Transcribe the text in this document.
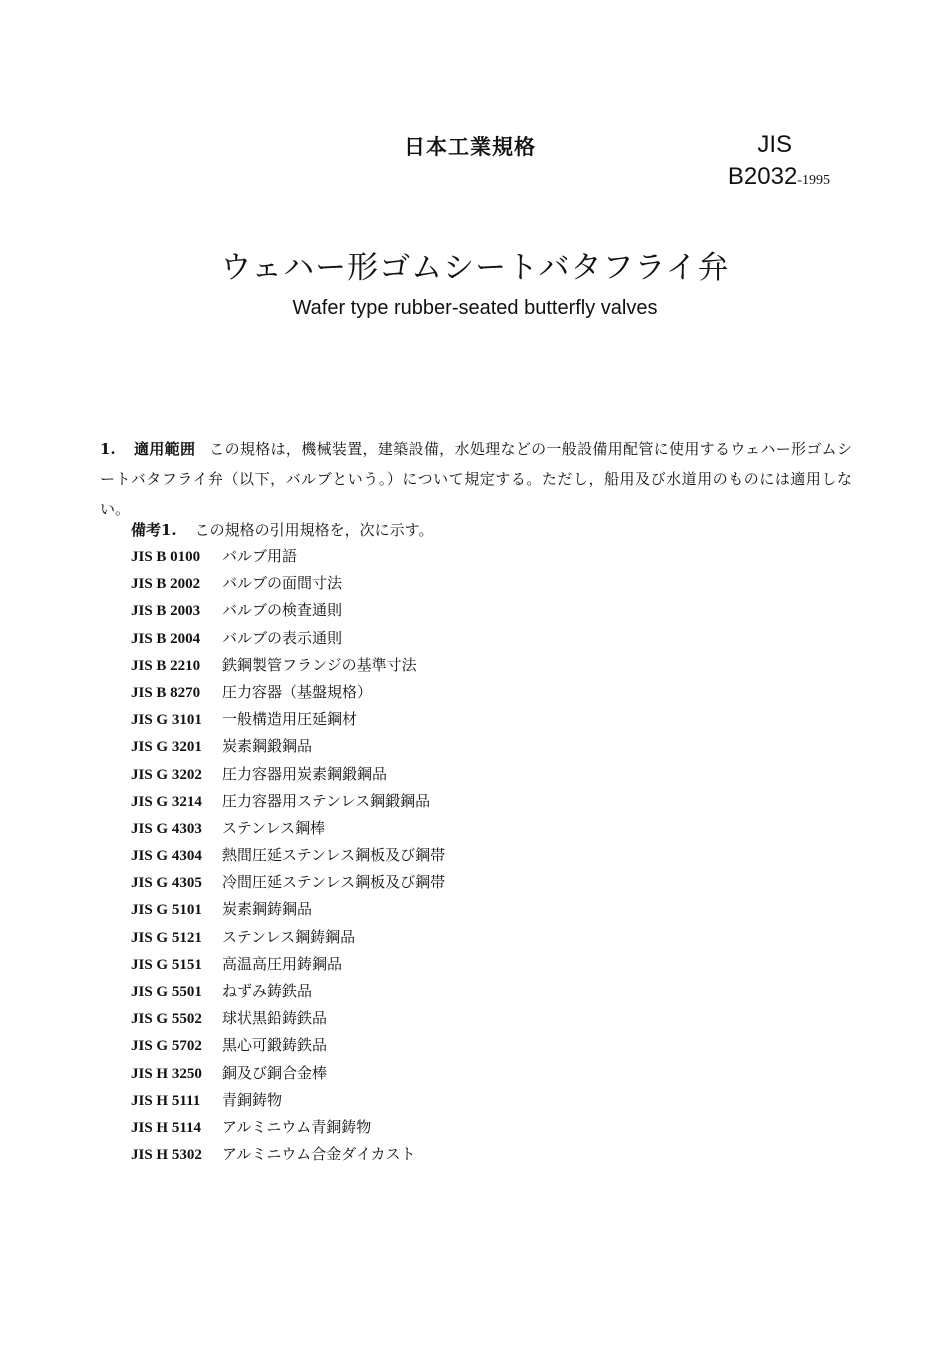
日本工業規格	JIS
B2032-1995
ウェハー形ゴムシートバタフライ弁
Wafer type rubber-seated butterfly valves
1. 適用範囲 この規格は，機械装置，建築設備，水処理などの一般設備用配管に使用するウェハー形ゴムシートバタフライ弁（以下，バルブという。）について規定する。ただし，船用及び水道用のものには適用しない。
備考1. この規格の引用規格を，次に示す。
JIS B 0100 バルブ用語
JIS B 2002 バルブの面間寸法
JIS B 2003 バルブの検査通則
JIS B 2004 バルブの表示通則
JIS B 2210 鉄鋼製管フランジの基準寸法
JIS B 8270 圧力容器（基盤規格）
JIS G 3101 一般構造用圧延鋼材
JIS G 3201 炭素鋼鍛鋼品
JIS G 3202 圧力容器用炭素鋼鍛鋼品
JIS G 3214 圧力容器用ステンレス鋼鍛鋼品
JIS G 4303 ステンレス鋼棒
JIS G 4304 熱間圧延ステンレス鋼板及び鋼帯
JIS G 4305 冷間圧延ステンレス鋼板及び鋼帯
JIS G 5101 炭素鋼鋳鋼品
JIS G 5121 ステンレス鋼鋳鋼品
JIS G 5151 高温高圧用鋳鋼品
JIS G 5501 ねずみ鋳鉄品
JIS G 5502 球状黒鉛鋳鉄品
JIS G 5702 黒心可鍛鋳鉄品
JIS H 3250 銅及び銅合金棒
JIS H 5111 青銅鋳物
JIS H 5114 アルミニウム青銅鋳物
JIS H 5302 アルミニウム合金ダイカスト
